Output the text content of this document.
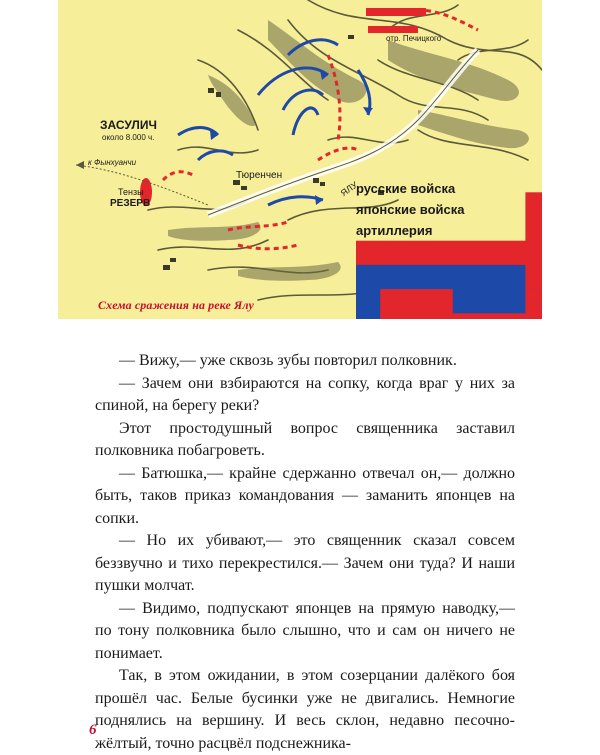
ЗАСУЛИЧ
около 8.000 ч.
к Фынхуанчи
Тензы
РЕЗЕРВ
Тюренчен
ЯЛУ
отр. Печицкого
русские войска
японские войска
артиллерия
Схема сражения на реке Ялу

— Вижу,— уже сквозь зубы повторил полковник.

— Зачем они взбираются на сопку, когда враг у них за спиной, на берегу реки?

Этот простодушный вопрос священника заставил полковника побагроветь.

— Батюшка,— крайне сдержанно отвечал он,— должно быть, таков приказ командования — заманить японцев на сопки.

— Но их убивают,— это священник сказал совсем беззвучно и тихо перекрестился.— Зачем они туда? И наши пушки молчат.

— Видимо, подпускают японцев на прямую наводку,— по тону полковника было слышно, что и сам он ничего не понимает.

Так, в этом ожидании, в этом созерцании далёкого боя прошёл час. Белые бусинки уже не двигались. Немногие поднялись на вершину. И весь склон, недавно песочно-жёлтый, точно расцвёл подснежника-

6
